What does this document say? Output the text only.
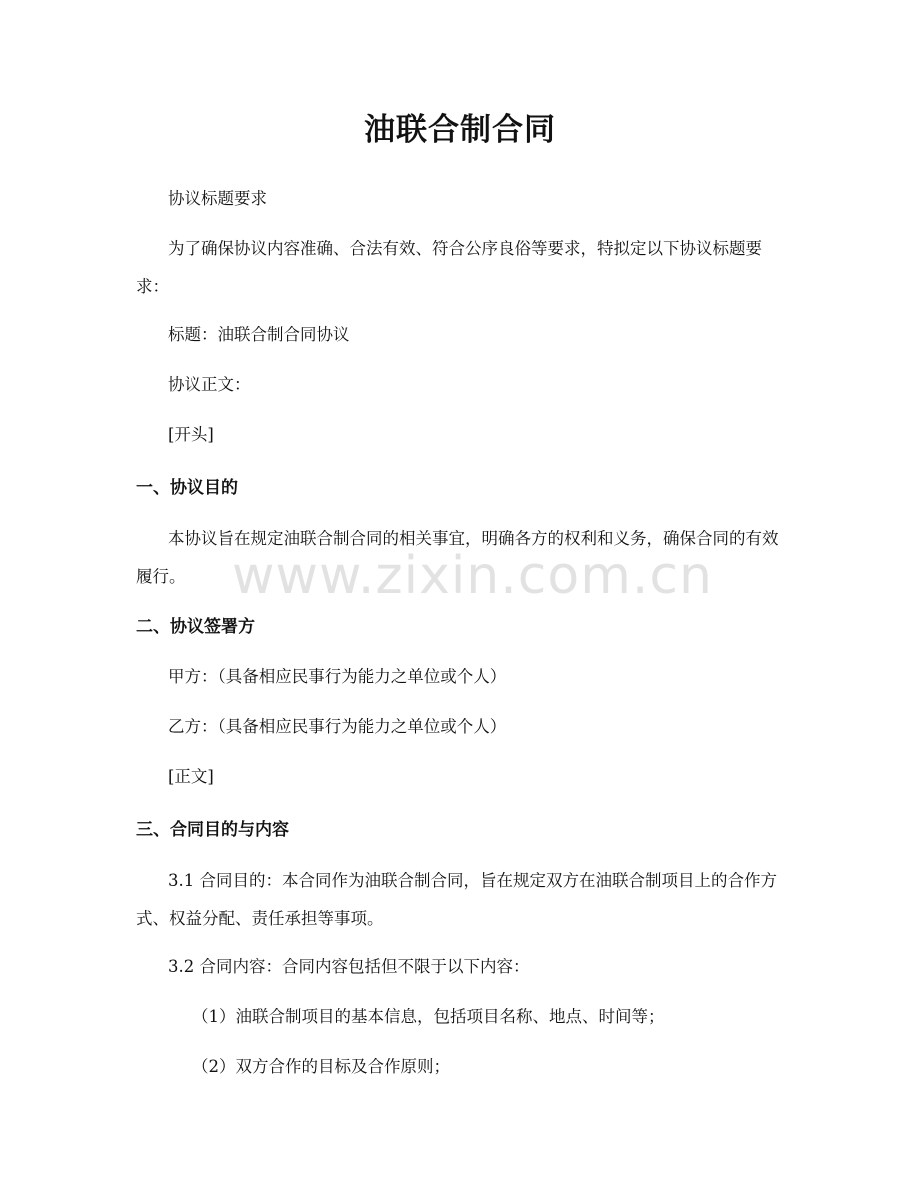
油联合制合同

协议标题要求

为了确保协议内容准确、合法有效、符合公序良俗等要求，特拟定以下协议标题要求：

标题：油联合制合同协议

协议正文：

[开头]

一、协议目的

本协议旨在规定油联合制合同的相关事宜，明确各方的权利和义务，确保合同的有效履行。

二、协议签署方

甲方：（具备相应民事行为能力之单位或个人）

乙方：（具备相应民事行为能力之单位或个人）

[正文]

三、合同目的与内容

3.1 合同目的：本合同作为油联合制合同，旨在规定双方在油联合制项目上的合作方式、权益分配、责任承担等事项。

3.2 合同内容：合同内容包括但不限于以下内容：

（1）油联合制项目的基本信息，包括项目名称、地点、时间等；

（2）双方合作的目标及合作原则；

www.zixin.com.cn
